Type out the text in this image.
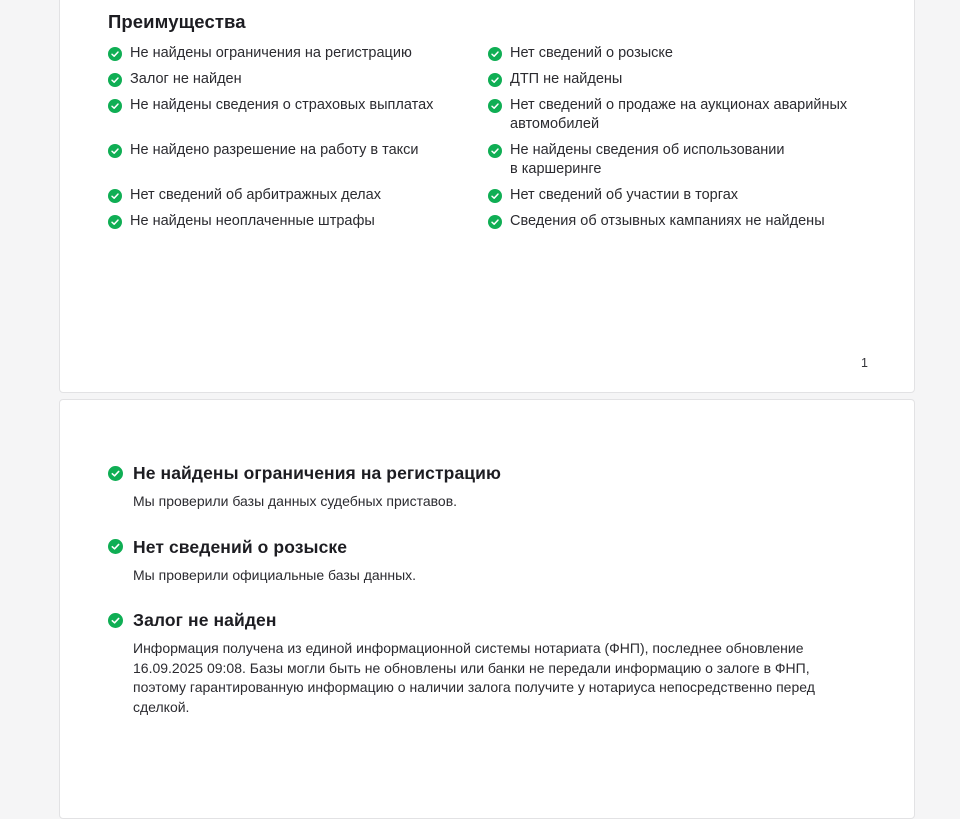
Преимущества
Не найдены ограничения на регистрацию	Нет сведений о розыске
Залог не найден	ДТП не найдены
Не найдены сведения о страховых выплатах	Нет сведений о продаже на аукционах аварийных автомобилей
Не найдено разрешение на работу в такси	Не найдены сведения об использовании в каршеринге
Нет сведений об арбитражных делах	Нет сведений об участии в торгах
Не найдены неоплаченные штрафы	Сведения об отзывных кампаниях не найдены
1
Не найдены ограничения на регистрацию

Мы проверили базы данных судебных приставов.

Нет сведений о розыске

Мы проверили официальные базы данных.

Залог не найден

Информация получена из единой информационной системы нотариата (ФНП), последнее обновление 16.09.2025 09:08. Базы могли быть не обновлены или банки не передали информацию о залоге в ФНП, поэтому гарантированную информацию о наличии залога получите у нотариуса непосредственно перед сделкой.
